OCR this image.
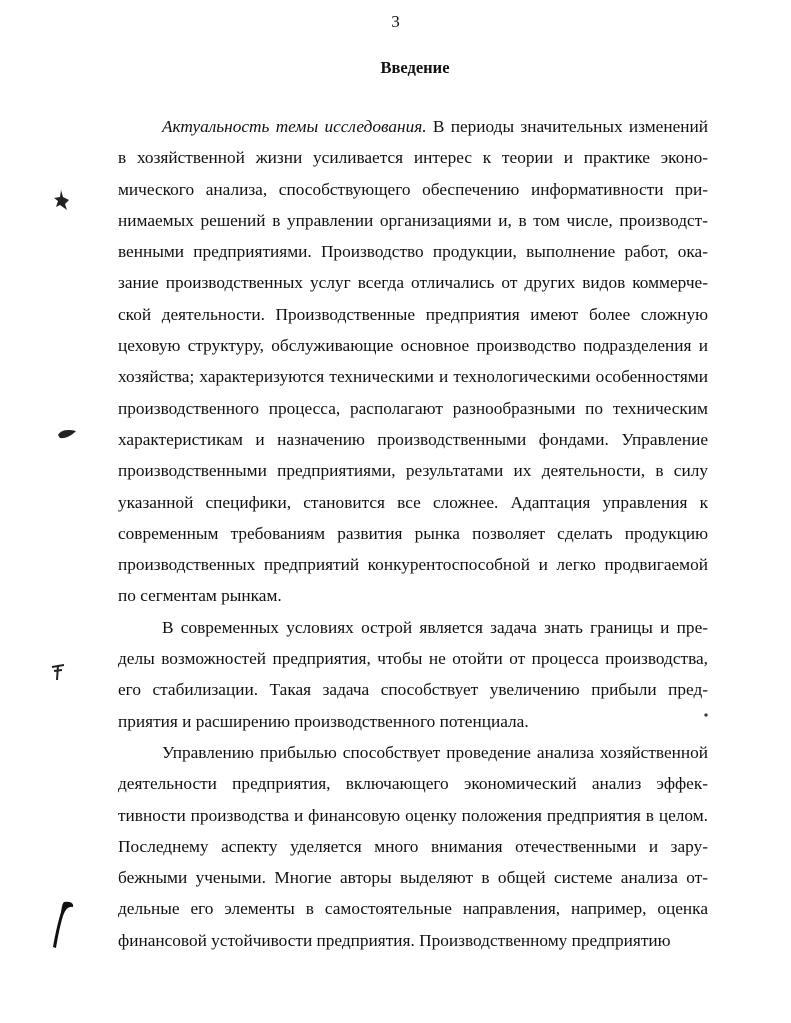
3
Введение

Актуальность темы исследования. В периоды значительных изменений в хозяйственной жизни усиливается интерес к теории и практике экономического анализа, способствующего обеспечению информативности принимаемых решений в управлении организациями и, в том числе, производственными предприятиями. Производство продукции, выполнение работ, оказание производственных услуг всегда отличались от других видов коммерческой деятельности. Производственные предприятия имеют более сложную цеховую структуру, обслуживающие основное производство подразделения и хозяйства; характеризуются техническими и технологическими особенностями производственного процесса, располагают разнообразными по техническим характеристикам и назначению производственными фондами. Управление производственными предприятиями, результатами их деятельности, в силу указанной специфики, становится все сложнее. Адаптация управления к современным требованиям развития рынка позволяет сделать продукцию производственных предприятий конкурентоспособной и легко продвигаемой по сегментам рынкам.

В современных условиях острой является задача знать границы и пределы возможностей предприятия, чтобы не отойти от процесса производства, его стабилизации. Такая задача способствует увеличению прибыли предприятия и расширению производственного потенциала.

Управлению прибылью способствует проведение анализа хозяйственной деятельности предприятия, включающего экономический анализ эффективности производства и финансовую оценку положения предприятия в целом. Последнему аспекту уделяется много внимания отечественными и зарубежными учеными. Многие авторы выделяют в общей системе анализа отдельные его элементы в самостоятельные направления, например, оценка финансовой устойчивости предприятия. Производственному предприятию
